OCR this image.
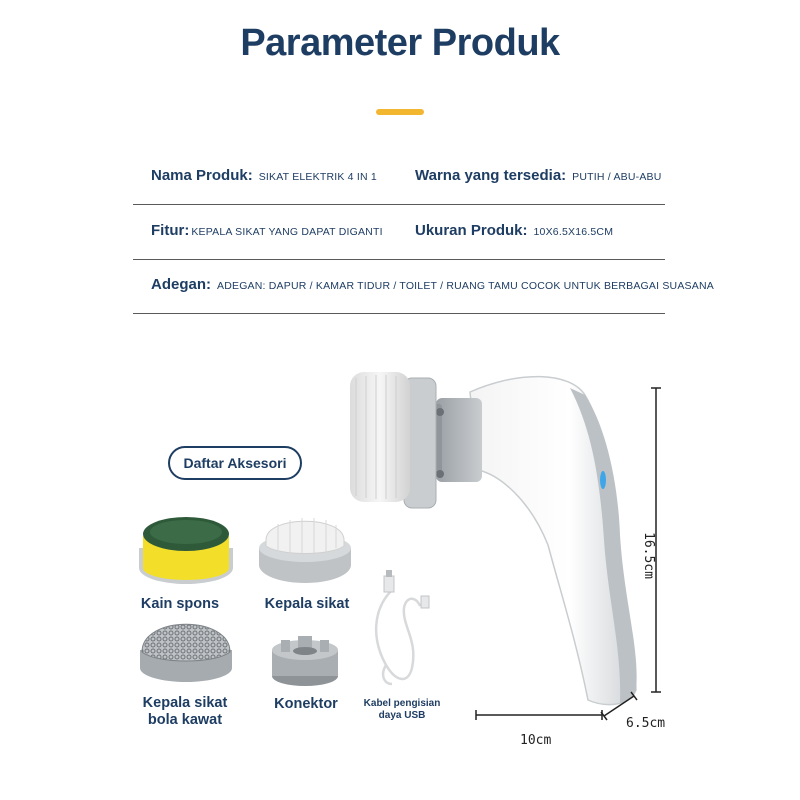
Parameter Produk
Nama Produk: SIKAT ELEKTRIK 4 IN 1	Warna yang tersedia: PUTIH / ABU-ABU
Fitur: KEPALA SIKAT YANG DAPAT DIGANTI Ukuran Produk: 10X6.5X16.5CM
Adegan: ADEGAN: DAPUR / KAMAR TIDUR / TOILET / RUANG TAMU COCOK UNTUK BERBAGAI SUASANA
Daftar Aksesori
Kain spons	Kepala sikat
Kepala sikat
bola kawat
Konektor	Kabel pengisian
daya USB
16.5cm
10cm
6.5cm
